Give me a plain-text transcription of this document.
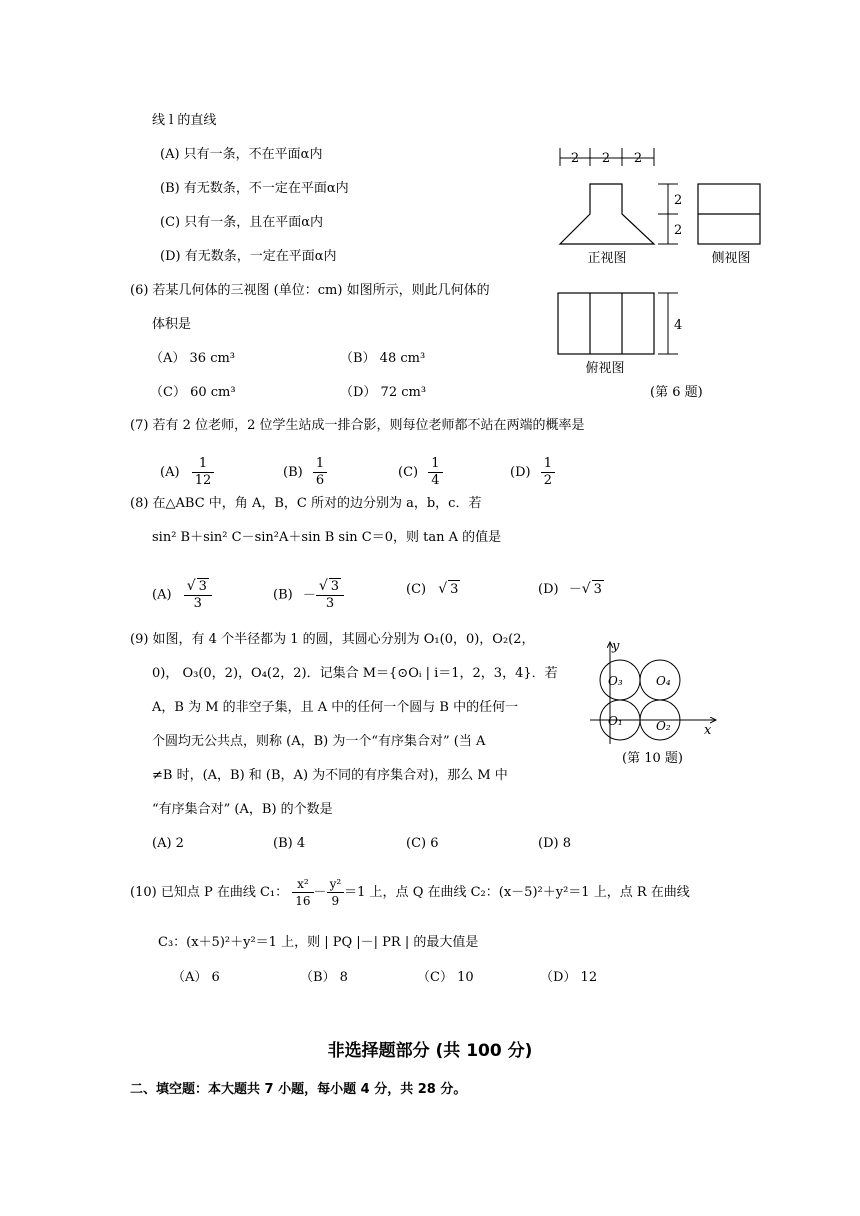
线 l 的直线
(A) 只有一条，不在平面α内
(B) 有无数条，不一定在平面α内
(C) 只有一条，且在平面α内
(D) 有无数条，一定在平面α内
(6) 若某几何体的三视图 (单位：cm) 如图所示，则此几何体的
体积是
（A） 36 cm³	（B） 48 cm³
（C） 60 cm³	（D） 72 cm³
2 2 2
2
2
正视图	侧视图
4
俯视图
(第 6 题)
(7) 若有 2 位老师，2 位学生站成一排合影，则每位老师都不站在两端的概率是
$(A) \frac{1}{12}$	$(B) \frac{1}{6}$	$(C) \frac{1}{4}$	$(D) \frac{1}{2}$
(8) 在△ABC 中，角 A，B，C 所对的边分别为 a，b，c．若
sin² B＋sin² C－sin²A＋sin B sin C＝0，则 tan A 的值是
$(A) \frac{√ 3}{3}$	$(B) - \frac{√ 3}{3}$	(C) √ 3	(D) －√ 3
(9) 如图，有 4 个半径都为 1 的圆，其圆心分别为 O₁(0，0)，O₂(2，
0)， O₃(0，2)，O₄(2，2)．记集合 M＝{⊙Oᵢ | i＝1，2，3，4}．若
A，B 为 M 的非空子集，且 A 中的任何一个圆与 B 中的任何一
个圆均无公共点，则称 (A，B) 为一个“有序集合对” (当 A
≠B 时，(A，B) 和 (B，A) 为不同的有序集合对)，那么 M 中
“有序集合对” (A，B) 的个数是
(A) 2	(B) 4	(C) 6	(D) 8
y
x
O₁	O₂
O₃	O₄
(第 10 题)
(10) 已知点 P 在曲线 C₁： $\frac{\text{x²}}{16} - \frac{\text{y²}}{9} =1$ 上，点 Q 在曲线 C₂：(x－5)²＋y²＝1 上，点 R 在曲线
C₃：(x＋5)²＋y²＝1 上，则 | PQ |－| PR | 的最大值是
（A） 6	（B） 8	（C） 10	（D） 12
非选择题部分 (共 100 分)
二、填空题：本大题共 7 小题，每小题 4 分，共 28 分。
